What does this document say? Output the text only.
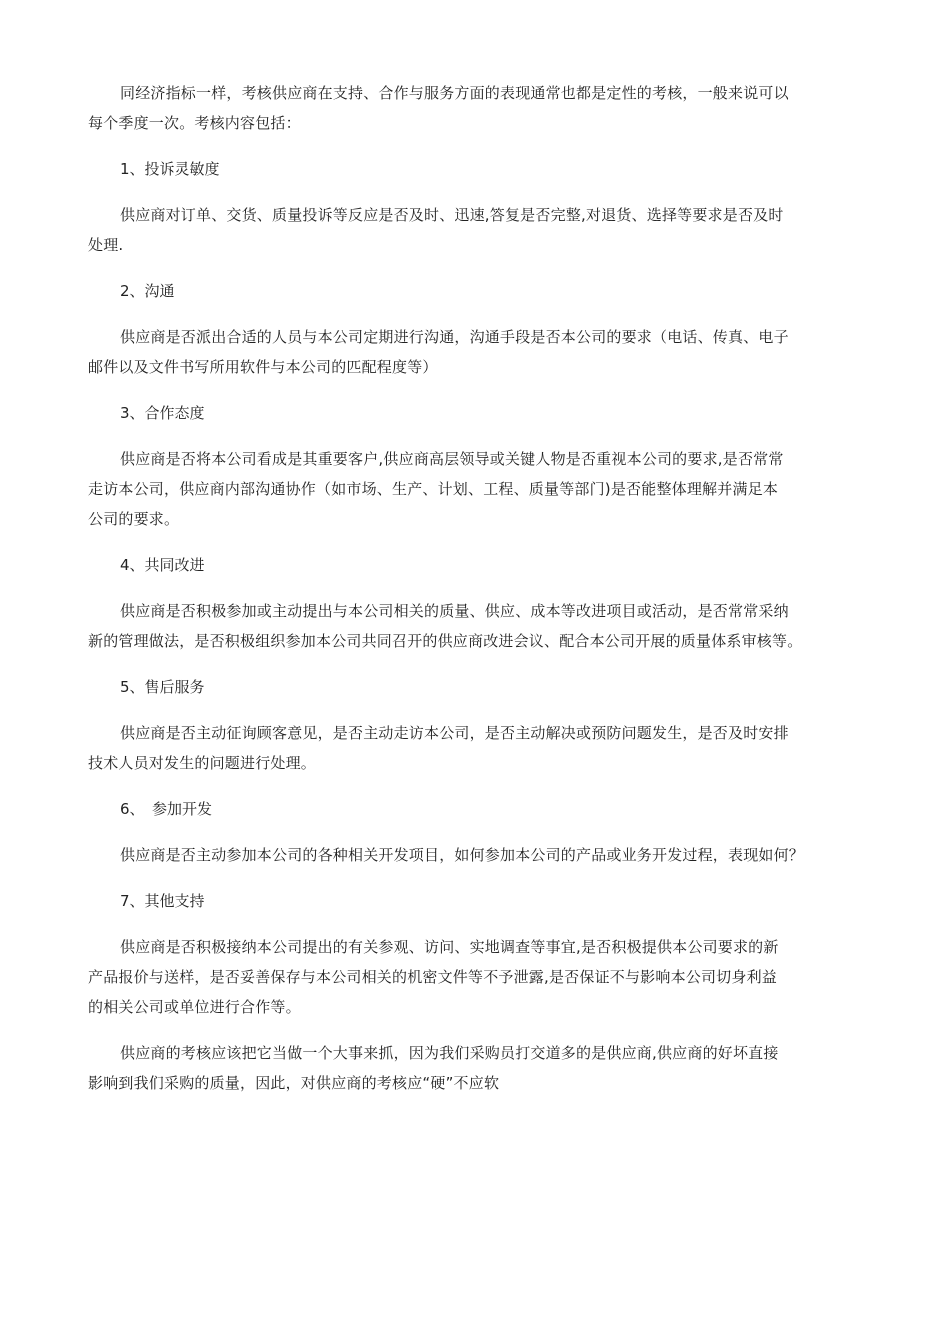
同经济指标一样，考核供应商在支持、合作与服务方面的表现通常也都是定性的考核，一般来说可以
每个季度一次。考核内容包括：

1、投诉灵敏度

供应商对订单、交货、质量投诉等反应是否及时、迅速,答复是否完整,对退货、选择等要求是否及时
处理.

2、沟通

供应商是否派出合适的人员与本公司定期进行沟通，沟通手段是否本公司的要求（电话、传真、电子
邮件以及文件书写所用软件与本公司的匹配程度等）

3、合作态度

供应商是否将本公司看成是其重要客户,供应商高层领导或关键人物是否重视本公司的要求,是否常常
走访本公司，供应商内部沟通协作（如市场、生产、计划、工程、质量等部门)是否能整体理解并满足本
公司的要求。

4、共同改进

供应商是否积极参加或主动提出与本公司相关的质量、供应、成本等改进项目或活动，是否常常采纳
新的管理做法，是否积极组织参加本公司共同召开的供应商改进会议、配合本公司开展的质量体系审核等。

5、售后服务

供应商是否主动征询顾客意见，是否主动走访本公司，是否主动解决或预防问题发生，是否及时安排
技术人员对发生的问题进行处理。

6、　参加开发

供应商是否主动参加本公司的各种相关开发项目，如何参加本公司的产品或业务开发过程，表现如何？

7、其他支持

供应商是否积极接纳本公司提出的有关参观、访问、实地调查等事宜,是否积极提供本公司要求的新
产品报价与送样，是否妥善保存与本公司相关的机密文件等不予泄露,是否保证不与影响本公司切身利益
的相关公司或单位进行合作等。

供应商的考核应该把它当做一个大事来抓，因为我们采购员打交道多的是供应商,供应商的好坏直接
影响到我们采购的质量，因此，对供应商的考核应“硬”不应软
